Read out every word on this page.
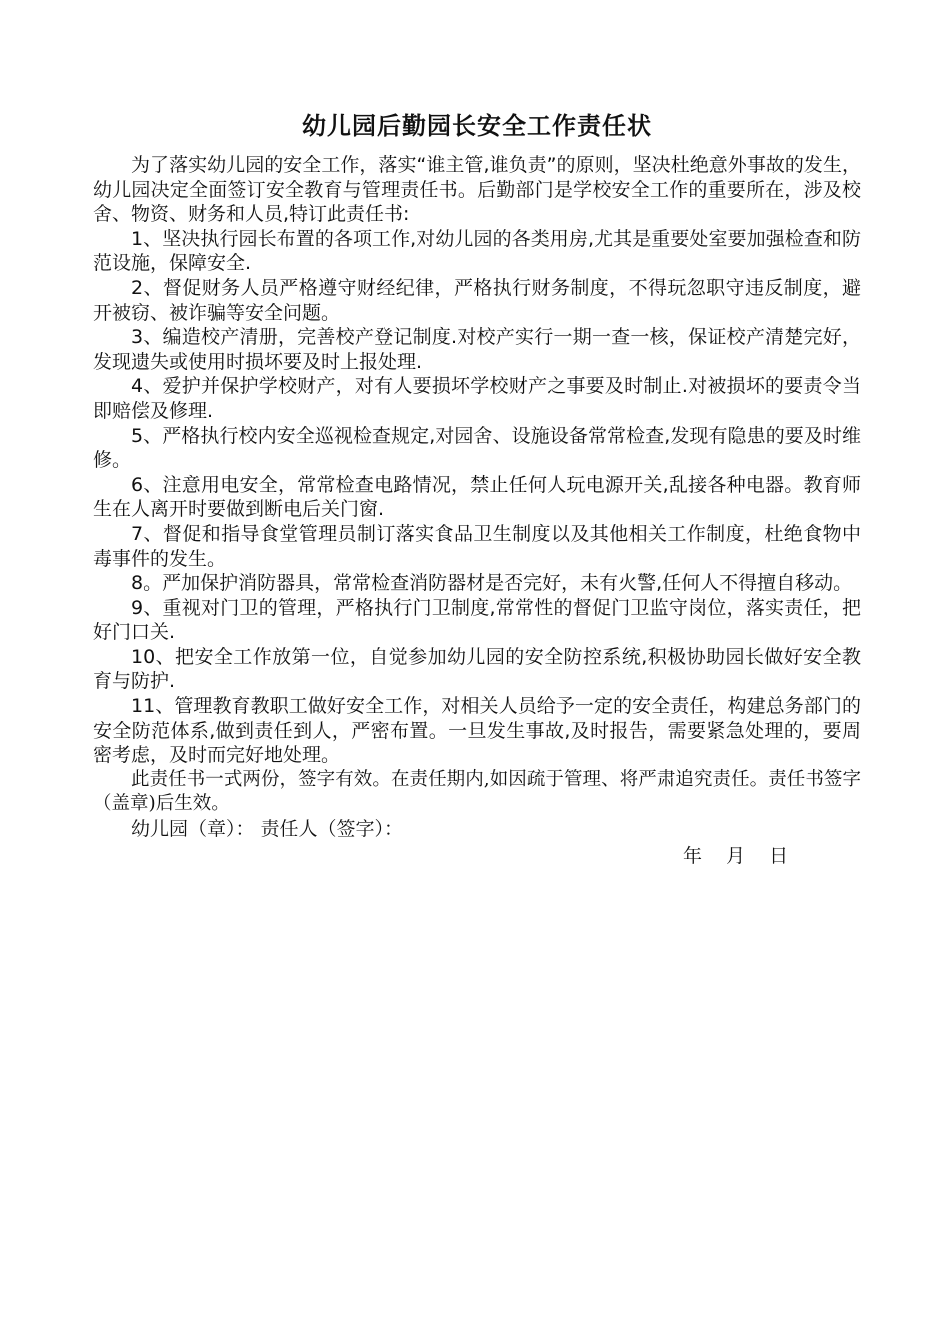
幼儿园后勤园长安全工作责任状

为了落实幼儿园的安全工作，落实“谁主管,谁负责”的原则，坚决杜绝意外事故的发生，幼儿园决定全面签订安全教育与管理责任书。后勤部门是学校安全工作的重要所在，涉及校舍、物资、财务和人员,特订此责任书:

1、坚决执行园长布置的各项工作,对幼儿园的各类用房,尤其是重要处室要加强检查和防范设施，保障安全.

2、督促财务人员严格遵守财经纪律，严格执行财务制度，不得玩忽职守违反制度，避开被窃、被诈骗等安全问题。

3、编造校产清册，完善校产登记制度.对校产实行一期一查一核，保证校产清楚完好，发现遗失或使用时损坏要及时上报处理.

4、爱护并保护学校财产，对有人要损坏学校财产之事要及时制止.对被损坏的要责令当即赔偿及修理.

5、严格执行校内安全巡视检查规定,对园舍、设施设备常常检查,发现有隐患的要及时维修。

6、注意用电安全，常常检查电路情况，禁止任何人玩电源开关,乱接各种电器。教育师生在人离开时要做到断电后关门窗.

7、督促和指导食堂管理员制订落实食品卫生制度以及其他相关工作制度，杜绝食物中毒事件的发生。

8。严加保护消防器具，常常检查消防器材是否完好，未有火警,任何人不得擅自移动。

9、重视对门卫的管理，严格执行门卫制度,常常性的督促门卫监守岗位，落实责任，把好门口关.

10、把安全工作放第一位，自觉参加幼儿园的安全防控系统,积极协助园长做好安全教育与防护.

11、管理教育教职工做好安全工作，对相关人员给予一定的安全责任，构建总务部门的安全防范体系,做到责任到人，严密布置。一旦发生事故,及时报告，需要紧急处理的，要周密考虑，及时而完好地处理。

此责任书一式两份，签字有效。在责任期内,如因疏于管理、将严肃追究责任。责任书签字（盖章)后生效。

幼儿园（章）： 责任人（签字）：

年 月 日
